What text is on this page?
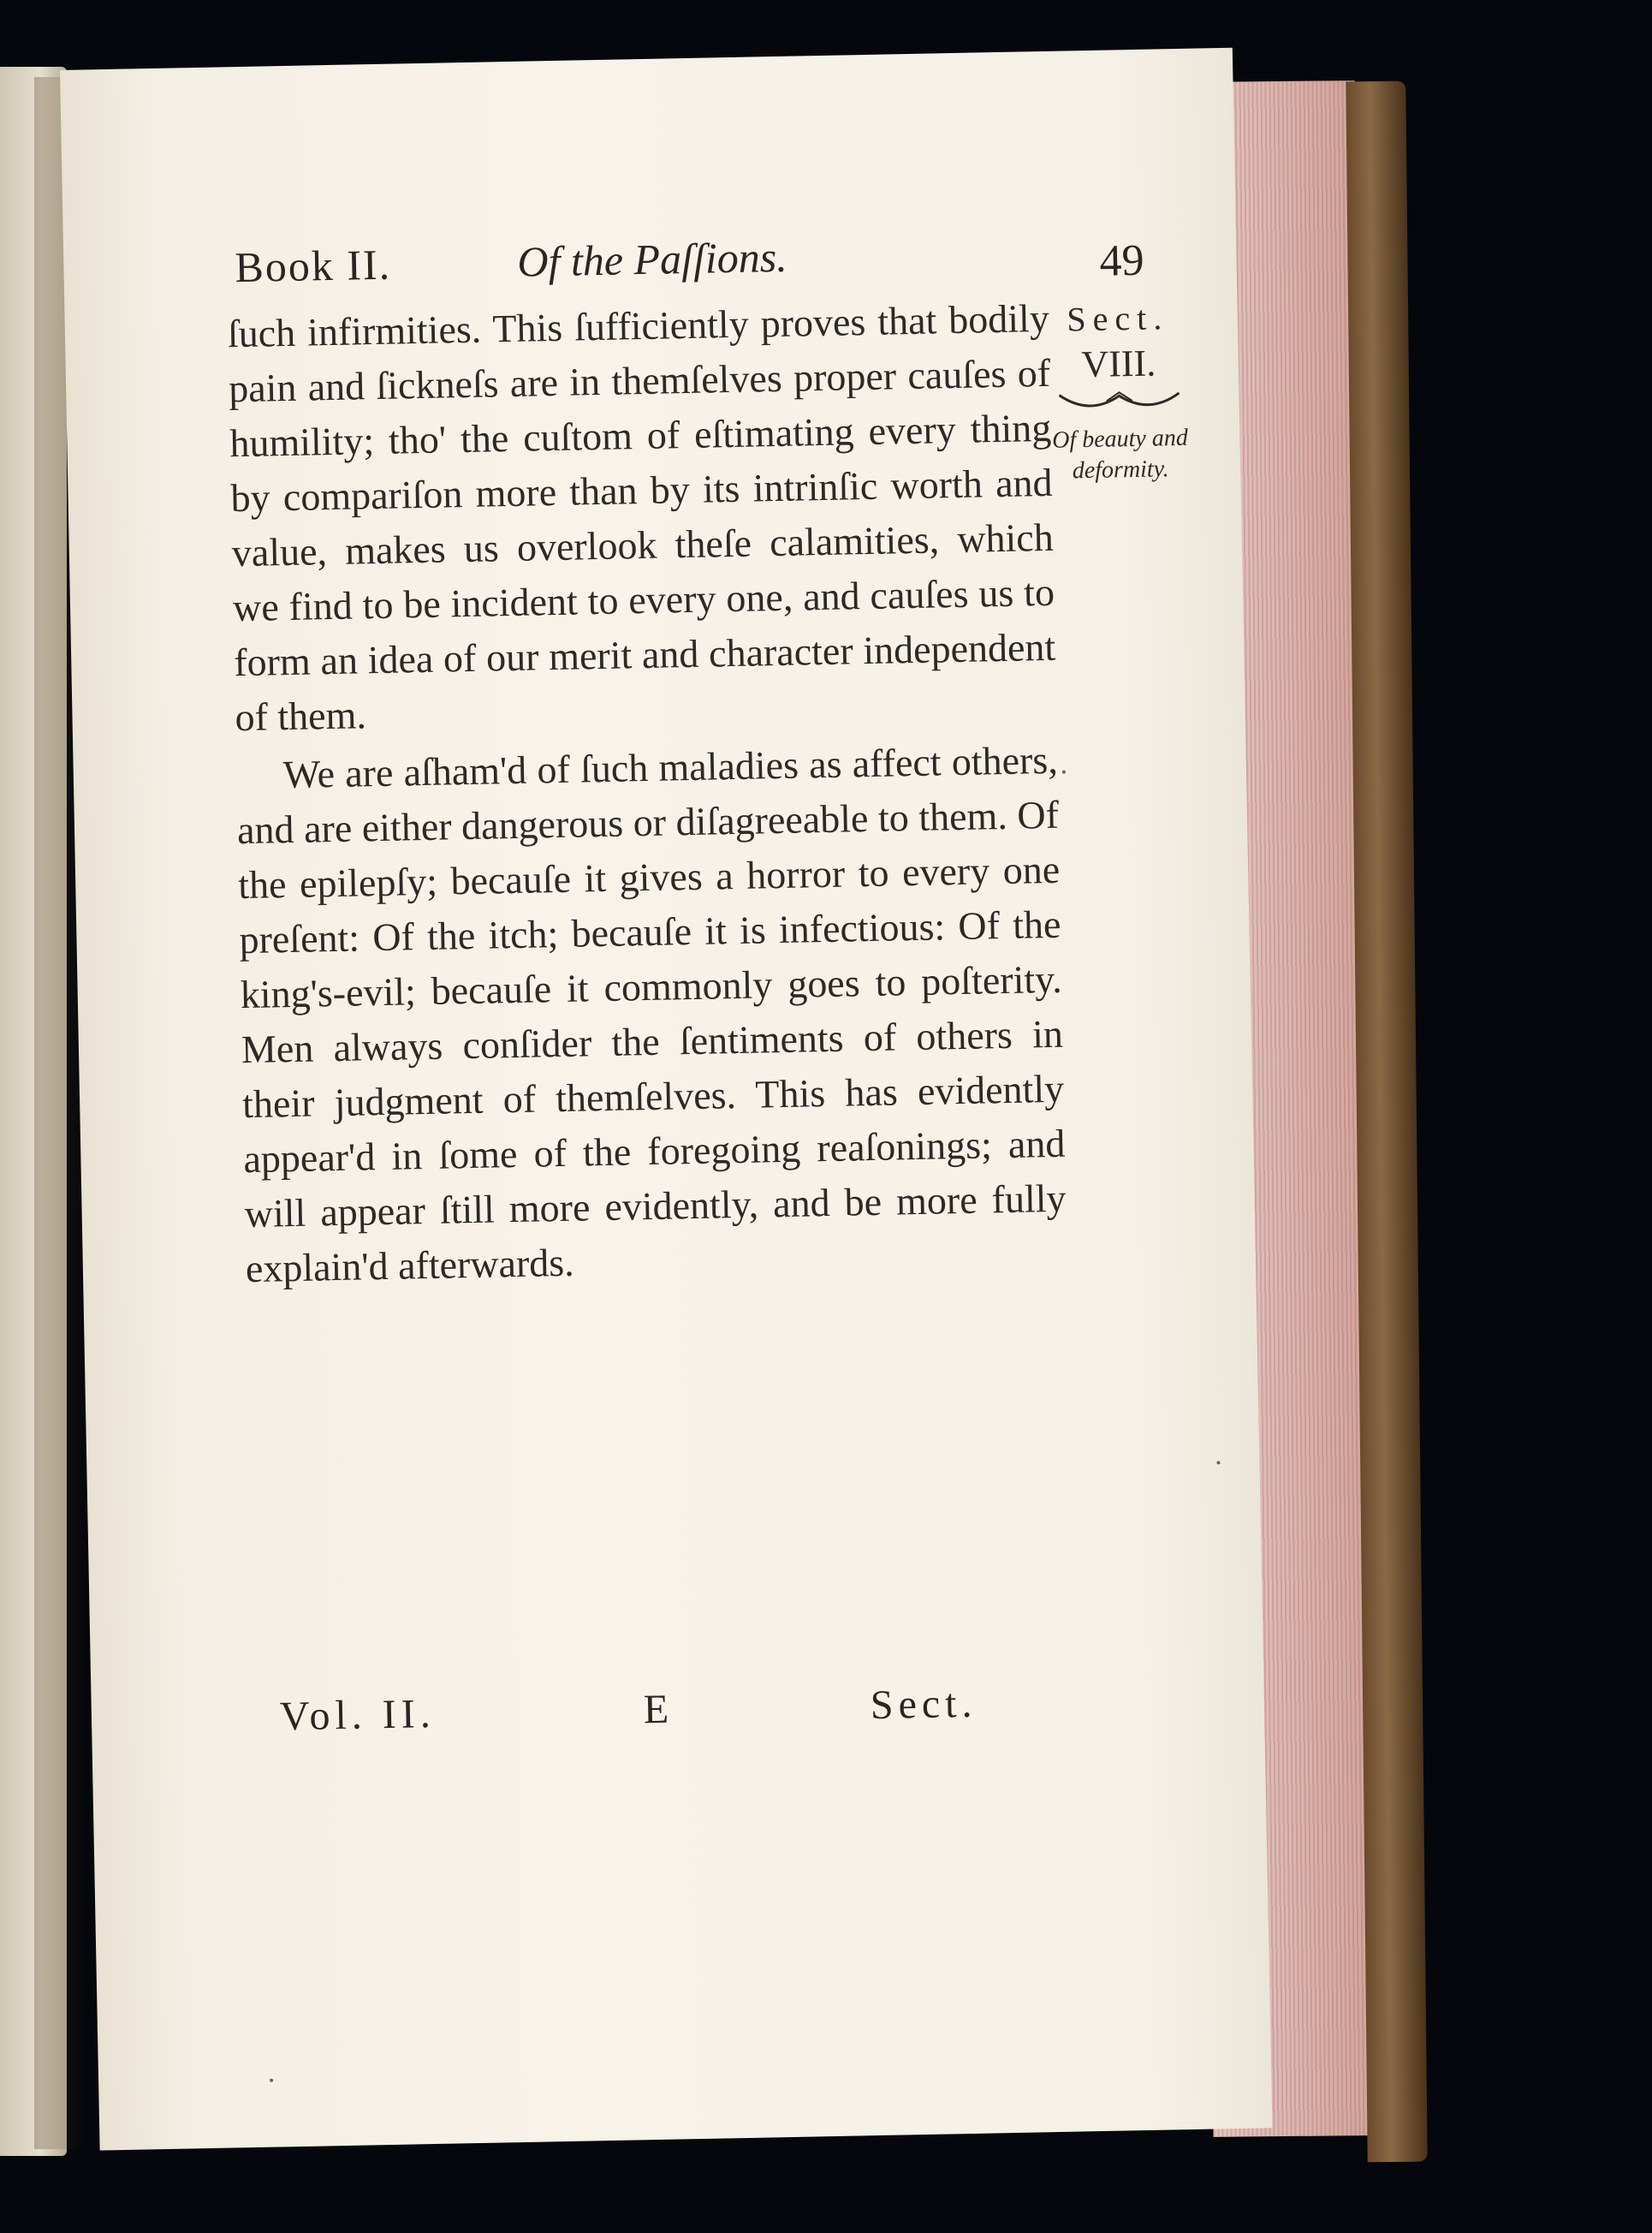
Book II.	Of the Paſſions.	49

ſuch infirmities. This ſufficiently proves that bodily pain and ſickneſs are in themſelves proper cauſes of humility; tho' the cuſtom of eſtimating every thing by compariſon more than by its intrinſic worth and value, makes us overlook theſe calamities, which we find to be incident to every one, and cauſes us to form an idea of our merit and character independent of them.

We are aſham'd of ſuch maladies as affect others, and are either dangerous or diſagreeable to them. Of the epilepſy; becauſe it gives a horror to every one preſent: Of the itch; becauſe it is infectious: Of the king's-evil; becauſe it commonly goes to poſterity. Men always conſider the ſentiments of others in their judgment of themſelves. This has evidently appear'd in ſome of the foregoing reaſonings; and will appear ſtill more evidently, and be more fully explain'd afterwards.

Sect.
VIII.
Of beauty and deformity.
Vol. II.	E	Sect.
